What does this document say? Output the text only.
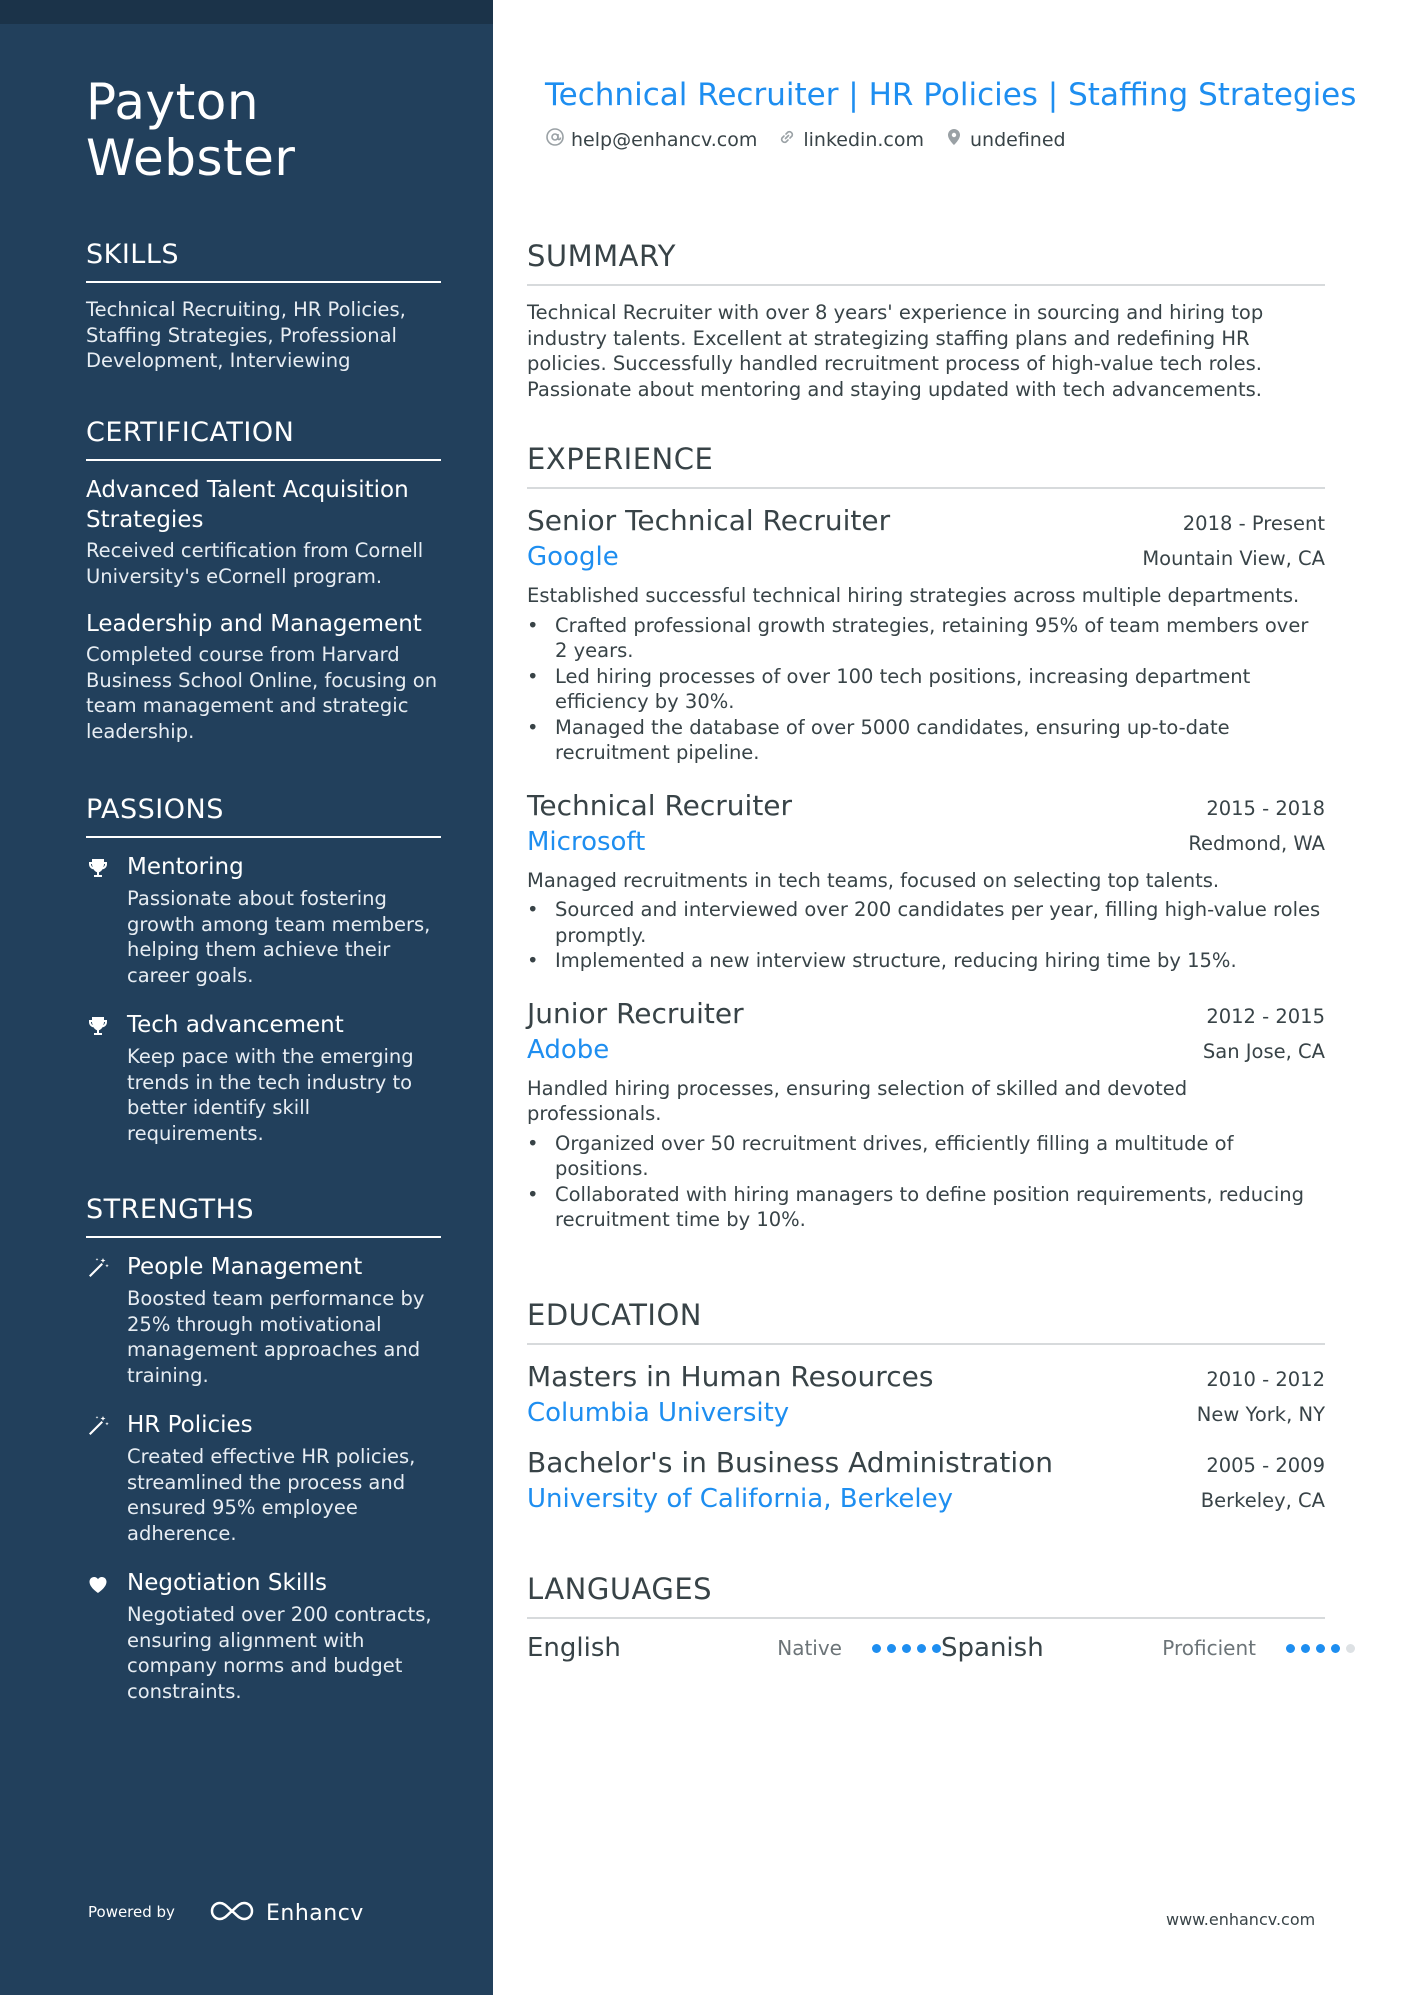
Payton
Webster
SKILLS
Technical Recruiting, HR Policies, Staffing Strategies, Professional Development, Interviewing
CERTIFICATION
Advanced Talent Acquisition Strategies
Received certification from Cornell University's eCornell program.
Leadership and Management
Completed course from Harvard Business School Online, focusing on team management and strategic leadership.
PASSIONS
Mentoring
Passionate about fostering growth among team members, helping them achieve their career goals.
Tech advancement
Keep pace with the emerging trends in the tech industry to better identify skill requirements.
STRENGTHS
People Management
Boosted team performance by 25% through motivational management approaches and training.
HR Policies
Created effective HR policies, streamlined the process and ensured 95% employee adherence.
Negotiation Skills
Negotiated over 200 contracts, ensuring alignment with company norms and budget constraints.
Powered by	Enhancv
Technical Recruiter | HR Policies | Staffing Strategies
help@enhancv.com linkedin.com undefined
SUMMARY
Technical Recruiter with over 8 years' experience in sourcing and hiring top industry talents. Excellent at strategizing staffing plans and redefining HR policies. Successfully handled recruitment process of high-value tech roles. Passionate about mentoring and staying updated with tech advancements.
EXPERIENCE
Senior Technical Recruiter	2018 - Present
Google	Mountain View, CA
Established successful technical hiring strategies across multiple departments.
• Crafted professional growth strategies, retaining 95% of team members over 2 years.
• Led hiring processes of over 100 tech positions, increasing department efficiency by 30%.
• Managed the database of over 5000 candidates, ensuring up-to-date recruitment pipeline.
Technical Recruiter	2015 - 2018
Microsoft	Redmond, WA
Managed recruitments in tech teams, focused on selecting top talents.
• Sourced and interviewed over 200 candidates per year, filling high-value roles promptly.
• Implemented a new interview structure, reducing hiring time by 15%.
Junior Recruiter	2012 - 2015
Adobe	San Jose, CA
Handled hiring processes, ensuring selection of skilled and devoted professionals.
• Organized over 50 recruitment drives, efficiently filling a multitude of positions.
• Collaborated with hiring managers to define position requirements, reducing recruitment time by 10%.
EDUCATION
Masters in Human Resources	2010 - 2012
Columbia University	New York, NY
Bachelor's in Business Administration	2005 - 2009
University of California, Berkeley	Berkeley, CA
LANGUAGES
English	Native	Spanish	Proficient
www.enhancv.com
